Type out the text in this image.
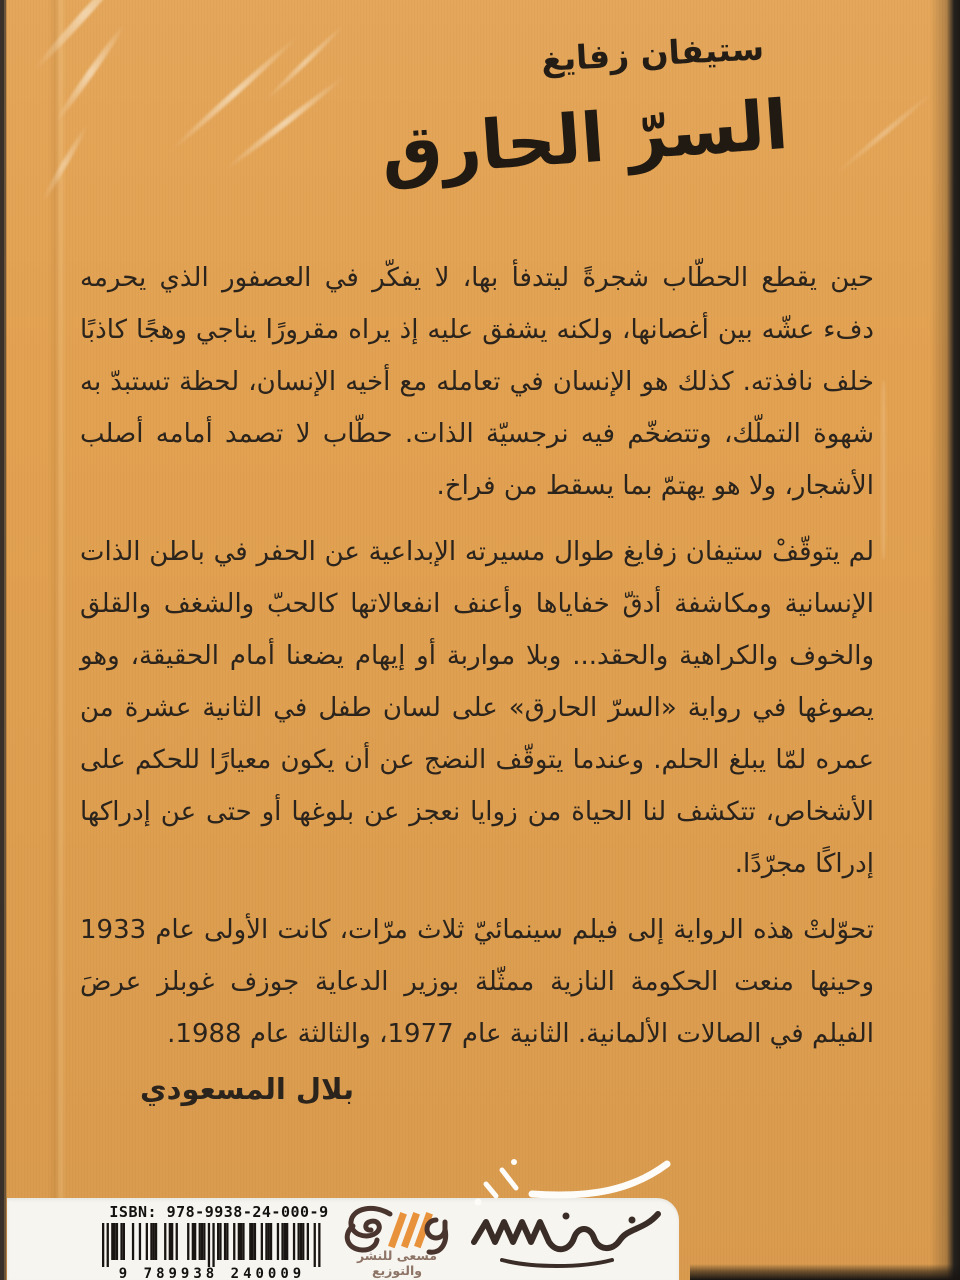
ستيفان زفايغ
السرّ الحارق

حين يقطع الحطّاب شجرةً ليتدفأ بها، لا يفكّر في العصفور الذي يحرمه دفء عشّه بين أغصانها، ولكنه يشفق عليه إذ يراه مقرورًا يناجي وهجًا كاذبًا خلف نافذته. كذلك هو الإنسان في تعامله مع أخيه الإنسان، لحظة تستبدّ به شهوة التملّك، وتتضخّم فيه نرجسيّة الذات. حطّاب لا تصمد أمامه أصلب الأشجار، ولا هو يهتمّ بما يسقط من فراخ.

لم يتوقّفْ ستيفان زفايغ طوال مسيرته الإبداعية عن الحفر في باطن الذات الإنسانية ومكاشفة أدقّ خفاياها وأعنف انفعالاتها كالحبّ والشغف والقلق والخوف والكراهية والحقد... وبلا مواربة أو إيهام يضعنا أمام الحقيقة، وهو يصوغها في رواية «السرّ الحارق» على لسان طفل في الثانية عشرة من عمره لمّا يبلغ الحلم. وعندما يتوقّف النضج عن أن يكون معيارًا للحكم على الأشخاص، تتكشف لنا الحياة من زوايا نعجز عن بلوغها أو حتى عن إدراكها إدراكًا مجرّدًا.

تحوّلتْ هذه الرواية إلى فيلم سينمائيّ ثلاث مرّات، كانت الأولى عام 1933 وحينها منعت الحكومة النازية ممثّلة بوزير الدعاية جوزف غوبلز عرضَ الفيلم في الصالات الألمانية. الثانية عام 1977، والثالثة عام 1988.

بلال المسعودي
ISBN: 978-9938-24-000-9
9 789938 240009
مسعى للنشر والتوزيع
